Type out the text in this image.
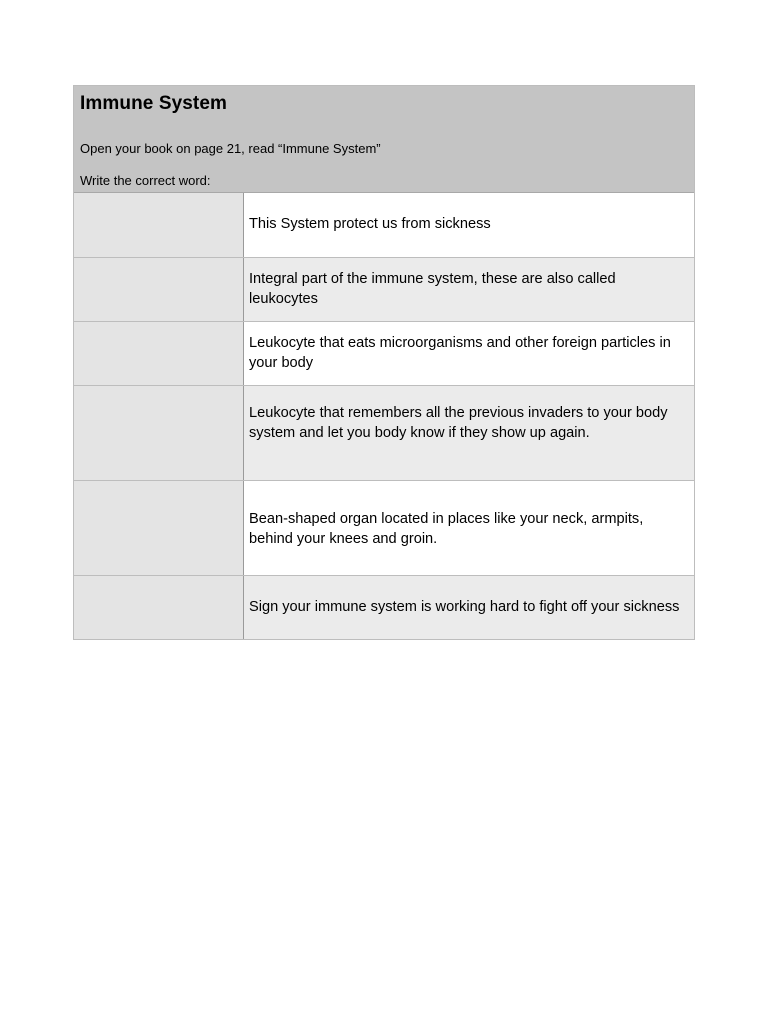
Immune System

Open your book on page 21, read “Immune System”

Write the correct word:

This System protect us from sickness
Integral part of the immune system, these are also called leukocytes
Leukocyte that eats microorganisms and other foreign particles in your body
Leukocyte that remembers all the previous invaders to your body system and let you body know if they show up again.
Bean-shaped organ located in places like your neck, armpits, behind your knees and groin.
Sign your immune system is working hard to fight off your sickness
